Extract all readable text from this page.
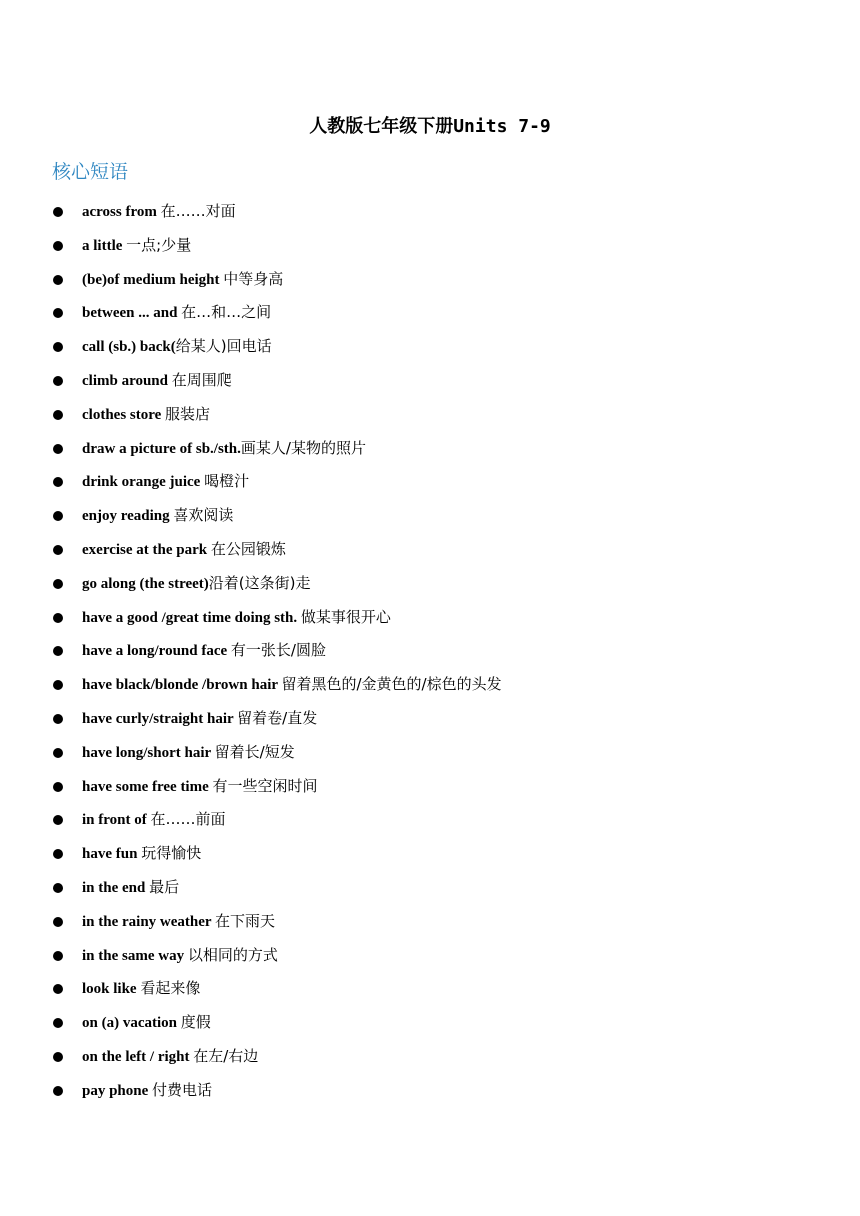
人教版七年级下册Units 7-9
核心短语
across from 在……对面
a little 一点;少量
(be)of medium height 中等身高
between ... and 在…和…之间
call (sb.) back(给某人)回电话
climb around 在周围爬
clothes store 服装店
draw a picture of sb./sth.画某人/某物的照片
drink orange juice 喝橙汁
enjoy reading 喜欢阅读
exercise at the park 在公园锻炼
go along (the street)沿着(这条街)走
have a good /great time doing sth. 做某事很开心
have a long/round face 有一张长/圆脸
have black/blonde /brown hair 留着黑色的/金黄色的/棕色的头发
have curly/straight hair 留着卷/直发
have long/short hair 留着长/短发
have some free time 有一些空闲时间
in front of 在……前面
have fun 玩得愉快
in the end 最后
in the rainy weather 在下雨天
in the same way 以相同的方式
look like 看起来像
on (a) vacation 度假
on the left / right 在左/右边
pay phone 付费电话
